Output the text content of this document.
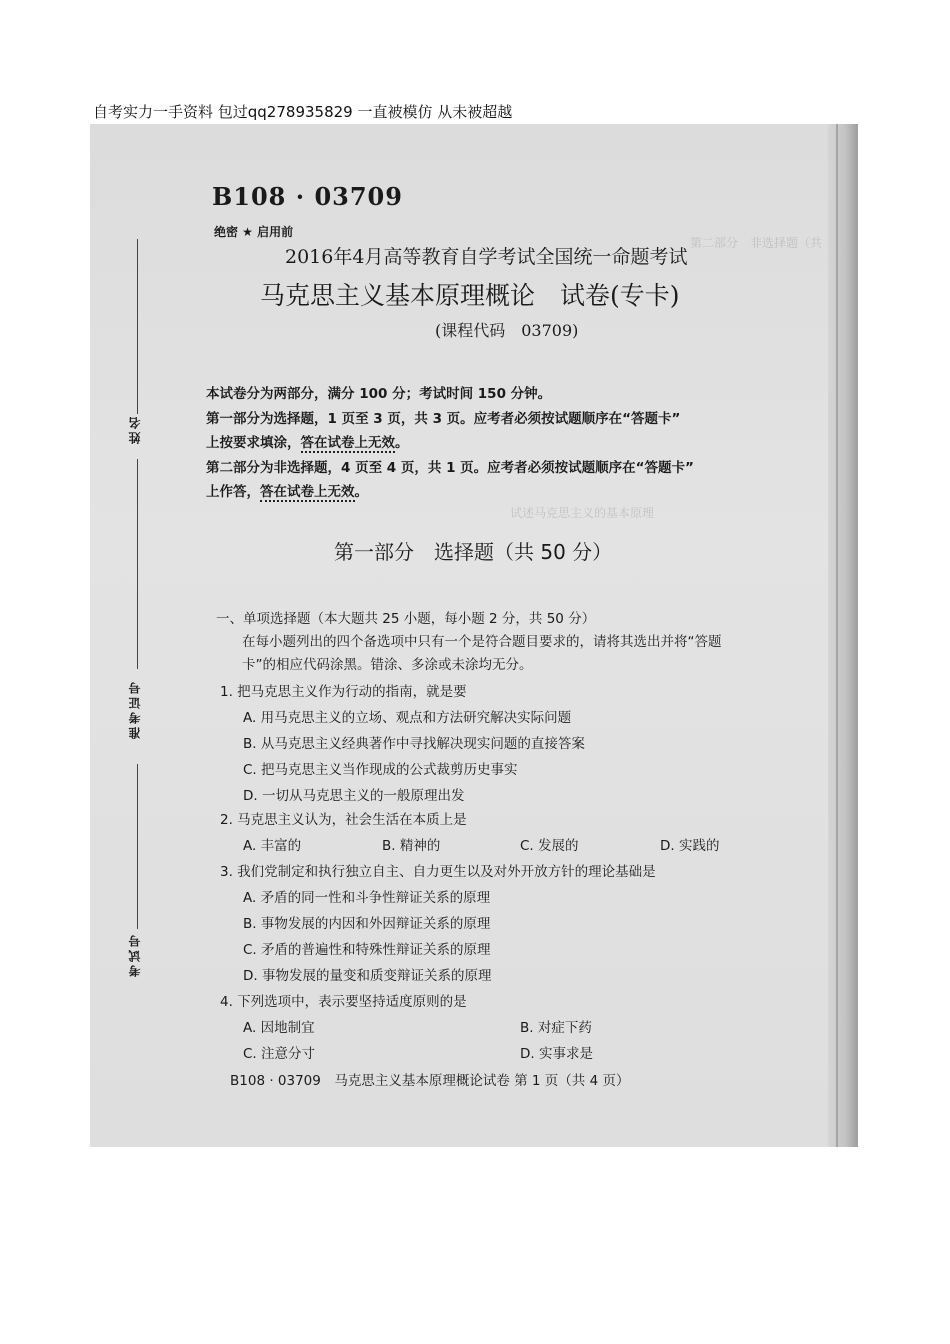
自考实力一手资料 包过qq278935829 一直被模仿 从未被超越
第二部分　非选择题（共
试述马克思主义的基本原理
姓名
准考证号
考试号
B108 · 03709
绝密 ★ 启用前
2016年4月高等教育自学考试全国统一命题考试
马克思主义基本原理概论　试卷(专卡)
(课程代码　03709)
本试卷分为两部分，满分 100 分；考试时间 150 分钟。
第一部分为选择题，1 页至 3 页，共 3 页。应考者必须按试题顺序在“答题卡”
上按要求填涂，答在试卷上无效。
第二部分为非选择题，4 页至 4 页，共 1 页。应考者必须按试题顺序在“答题卡”
上作答，答在试卷上无效。
第一部分　选择题（共 50 分）
一、单项选择题（本大题共 25 小题，每小题 2 分，共 50 分）
在每小题列出的四个备选项中只有一个是符合题目要求的，请将其选出并将“答题
卡”的相应代码涂黑。错涂、多涂或未涂均无分。
1. 把马克思主义作为行动的指南，就是要
A. 用马克思主义的立场、观点和方法研究解决实际问题
B. 从马克思主义经典著作中寻找解决现实问题的直接答案
C. 把马克思主义当作现成的公式裁剪历史事实
D. 一切从马克思主义的一般原理出发
2. 马克思主义认为，社会生活在本质上是
A. 丰富的	B. 精神的	C. 发展的	D. 实践的
3. 我们党制定和执行独立自主、自力更生以及对外开放方针的理论基础是
A. 矛盾的同一性和斗争性辩证关系的原理
B. 事物发展的内因和外因辩证关系的原理
C. 矛盾的普遍性和特殊性辩证关系的原理
D. 事物发展的量变和质变辩证关系的原理
4. 下列选项中，表示要坚持适度原则的是
A. 因地制宜	B. 对症下药
C. 注意分寸	D. 实事求是
B108 · 03709　马克思主义基本原理概论试卷 第 1 页（共 4 页）
